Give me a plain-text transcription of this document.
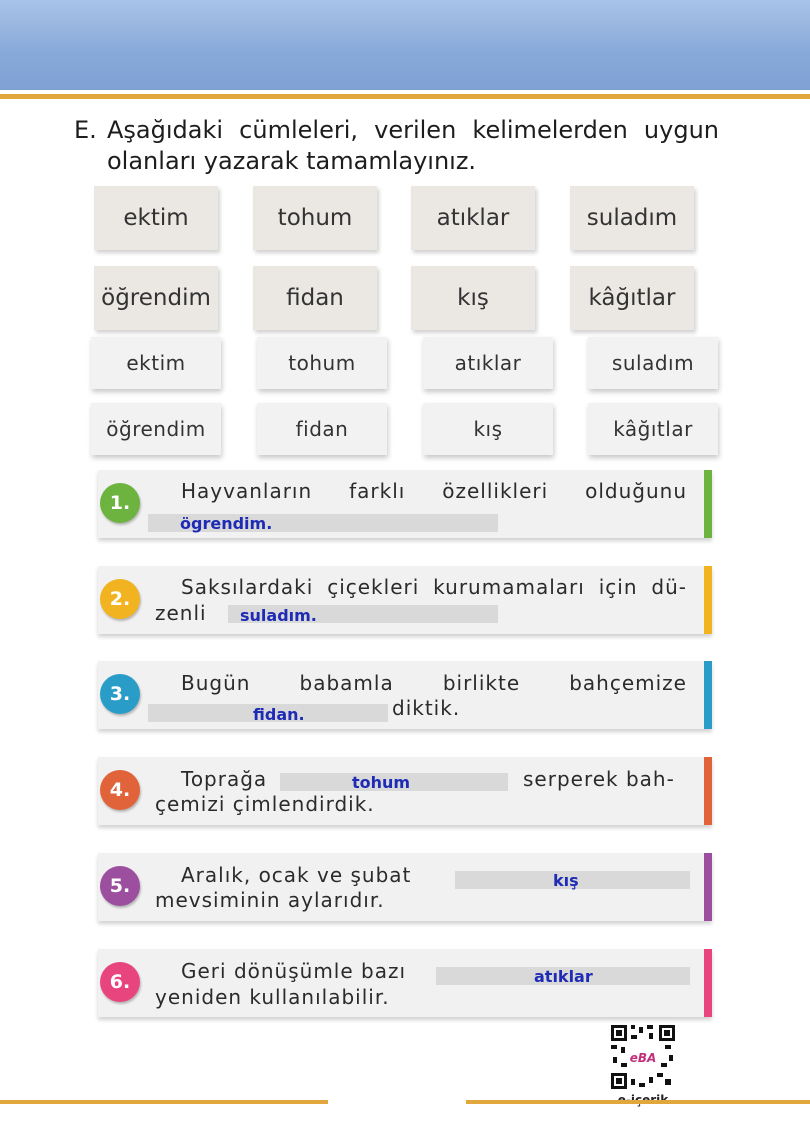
E. Aşağıdaki cümleleri, verilen kelimelerden uygun
olanları yazarak tamamlayınız.
ektim	tohum	atıklar	suladım
öğrendim	fidan	kış	kâğıtlar
ektim	tohum	atıklar	suladım
öğrendim	fidan	kış	kâğıtlar
1.	Hayvanların farklı özellikleri olduğunu
ögrendim.
2.	Saksılardaki çiçekleri kurumamaları için dü-
zenli suladım.
3.	Bugün babamla birlikte bahçemize
fidan.	diktik.
4.	Toprağa	tohum	serperek bah-
çemizi çimlendirdik.
5.	Aralık, ocak ve şubat	kış
mevsiminin aylarıdır.
6.	Geri dönüşümle bazı	atıklar
yeniden kullanılabilir.
eBA
